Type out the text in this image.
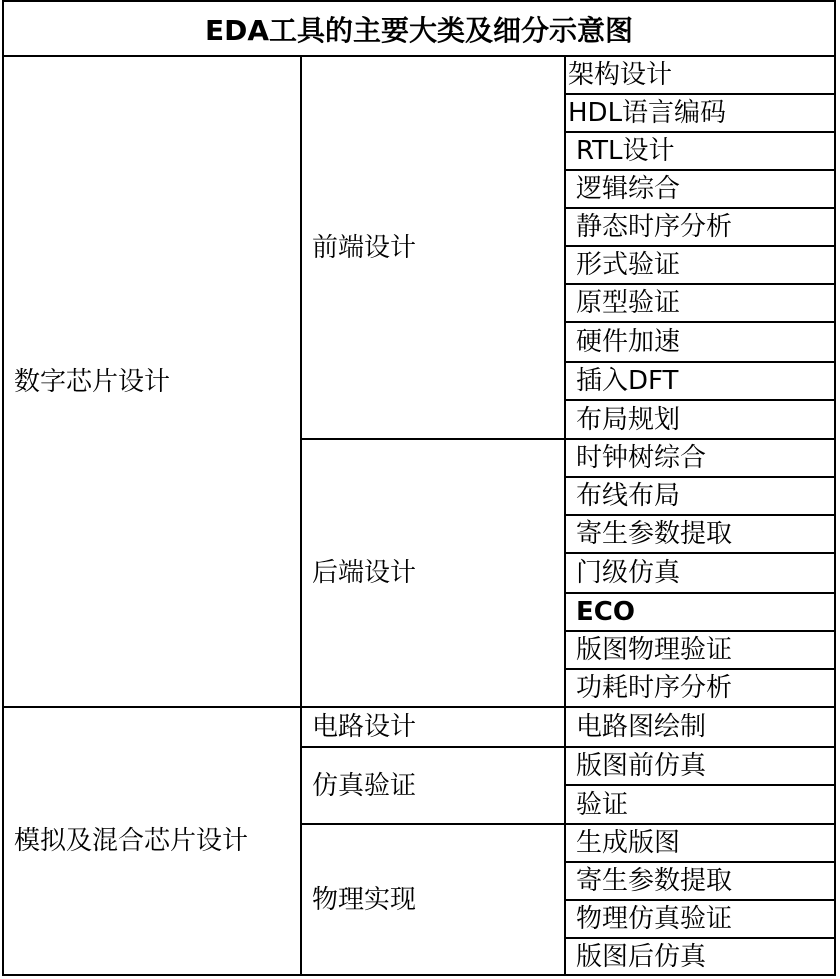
EDA工具的主要大类及细分示意图
数字芯片设计
模拟及混合芯片设计
前端设计
后端设计
电路设计
仿真验证
物理实现
架构设计
HDL语言编码
RTL设计
逻辑综合
静态时序分析
形式验证
原型验证
硬件加速
插入DFT
布局规划
时钟树综合
布线布局
寄生参数提取
门级仿真
ECO
版图物理验证
功耗时序分析
电路图绘制
版图前仿真
验证
生成版图
寄生参数提取
物理仿真验证
版图后仿真
